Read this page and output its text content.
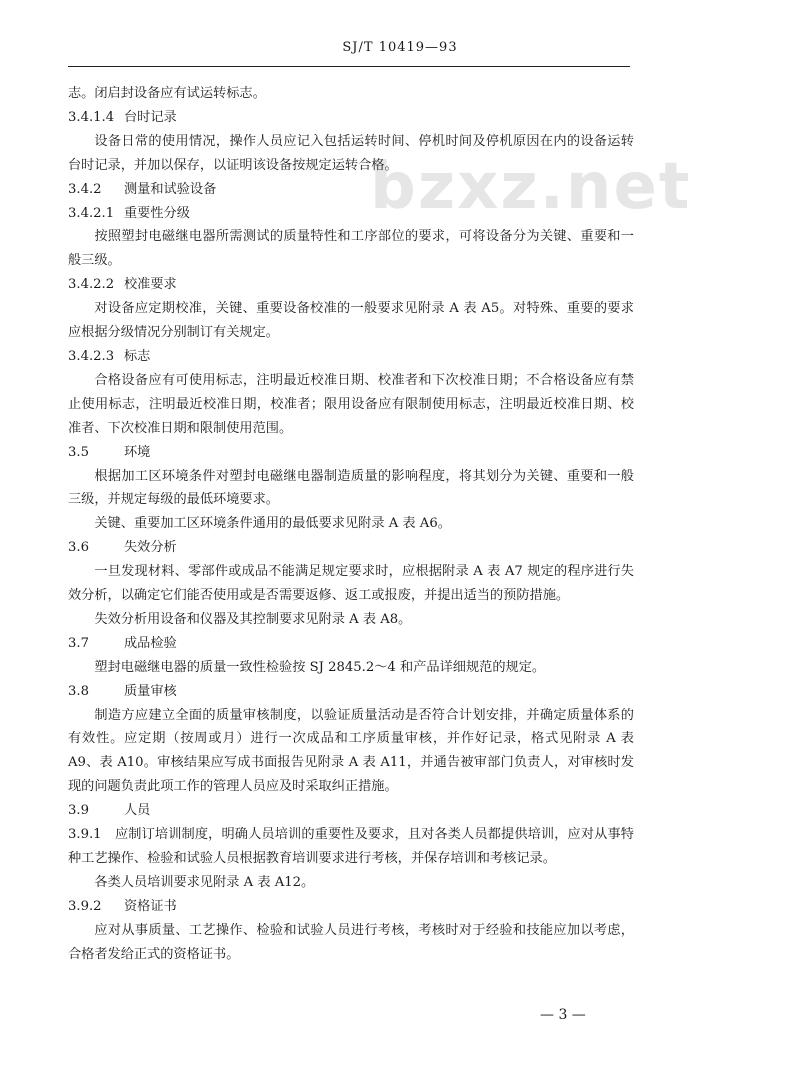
SJ/T 10419—93
bzxz.net

志。闭启封设备应有试运转标志。

3.4.1.4 台时记录

设备日常的使用情况，操作人员应记入包括运转时间、停机时间及停机原因在内的设备运转台时记录，并加以保存，以证明该设备按规定运转合格。

3.4.2 测量和试验设备
3.4.2.1 重要性分级

按照塑封电磁继电器所需测试的质量特性和工序部位的要求，可将设备分为关键、重要和一般三级。

3.4.2.2 校准要求

对设备应定期校准，关键、重要设备校准的一般要求见附录 A 表 A5。对特殊、重要的要求应根据分级情况分别制订有关规定。

3.4.2.3 标志

合格设备应有可使用标志，注明最近校准日期、校准者和下次校准日期；不合格设备应有禁止使用标志，注明最近校准日期，校准者；限用设备应有限制使用标志，注明最近校准日期、校准者、下次校准日期和限制使用范围。

3.5	环境

根据加工区环境条件对塑封电磁继电器制造质量的影响程度，将其划分为关键、重要和一般三级，并规定每级的最低环境要求。

关键、重要加工区环境条件通用的最低要求见附录 A 表 A6。

3.6	失效分析

一旦发现材料、零部件或成品不能满足规定要求时，应根据附录 A 表 A7 规定的程序进行失效分析，以确定它们能否使用或是否需要返修、返工或报废，并提出适当的预防措施。

失效分析用设备和仪器及其控制要求见附录 A 表 A8。

3.7	成品检验

塑封电磁继电器的质量一致性检验按 SJ 2845.2～4 和产品详细规范的规定。

3.8	质量审核

制造方应建立全面的质量审核制度，以验证质量活动是否符合计划安排，并确定质量体系的有效性。应定期（按周或月）进行一次成品和工序质量审核，并作好记录，格式见附录 A 表 A9、表 A10。审核结果应写成书面报告见附录 A 表 A11，并通告被审部门负责人，对审核时发现的问题负责此项工作的管理人员应及时采取纠正措施。

3.9	人员

3.9.1　应制订培训制度，明确人员培训的重要性及要求，且对各类人员都提供培训，应对从事特种工艺操作、检验和试验人员根据教育培训要求进行考核，并保存培训和考核记录。

各类人员培训要求见附录 A 表 A12。

3.9.2 资格证书

应对从事质量、工艺操作、检验和试验人员进行考核，考核时对于经验和技能应加以考虑，合格者发给正式的资格证书。

— 3 —
